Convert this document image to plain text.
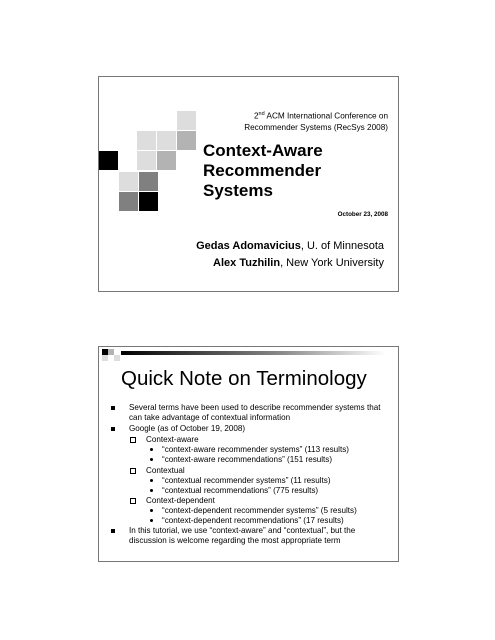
2nd ACM International Conference on
Recommender Systems (RecSys 2008)
Context-Aware
Recommender
Systems
October 23, 2008
Gedas Adomavicius, U. of Minnesota
Alex Tuzhilin, New York University
Quick Note on Terminology
Several terms have been used to describe recommender systems that can take advantage of contextual information
Google (as of October 19, 2008)
Context-aware
“context-aware recommender systems” (113 results)
“context-aware recommendations” (151 results)
Contextual
“contextual recommender systems” (11 results)
“contextual recommendations” (775 results)
Context-dependent
“context-dependent recommender systems” (5 results)
“context-dependent recommendations” (17 results)
In this tutorial, we use “context-aware” and “contextual”, but the discussion is welcome regarding the most appropriate term
